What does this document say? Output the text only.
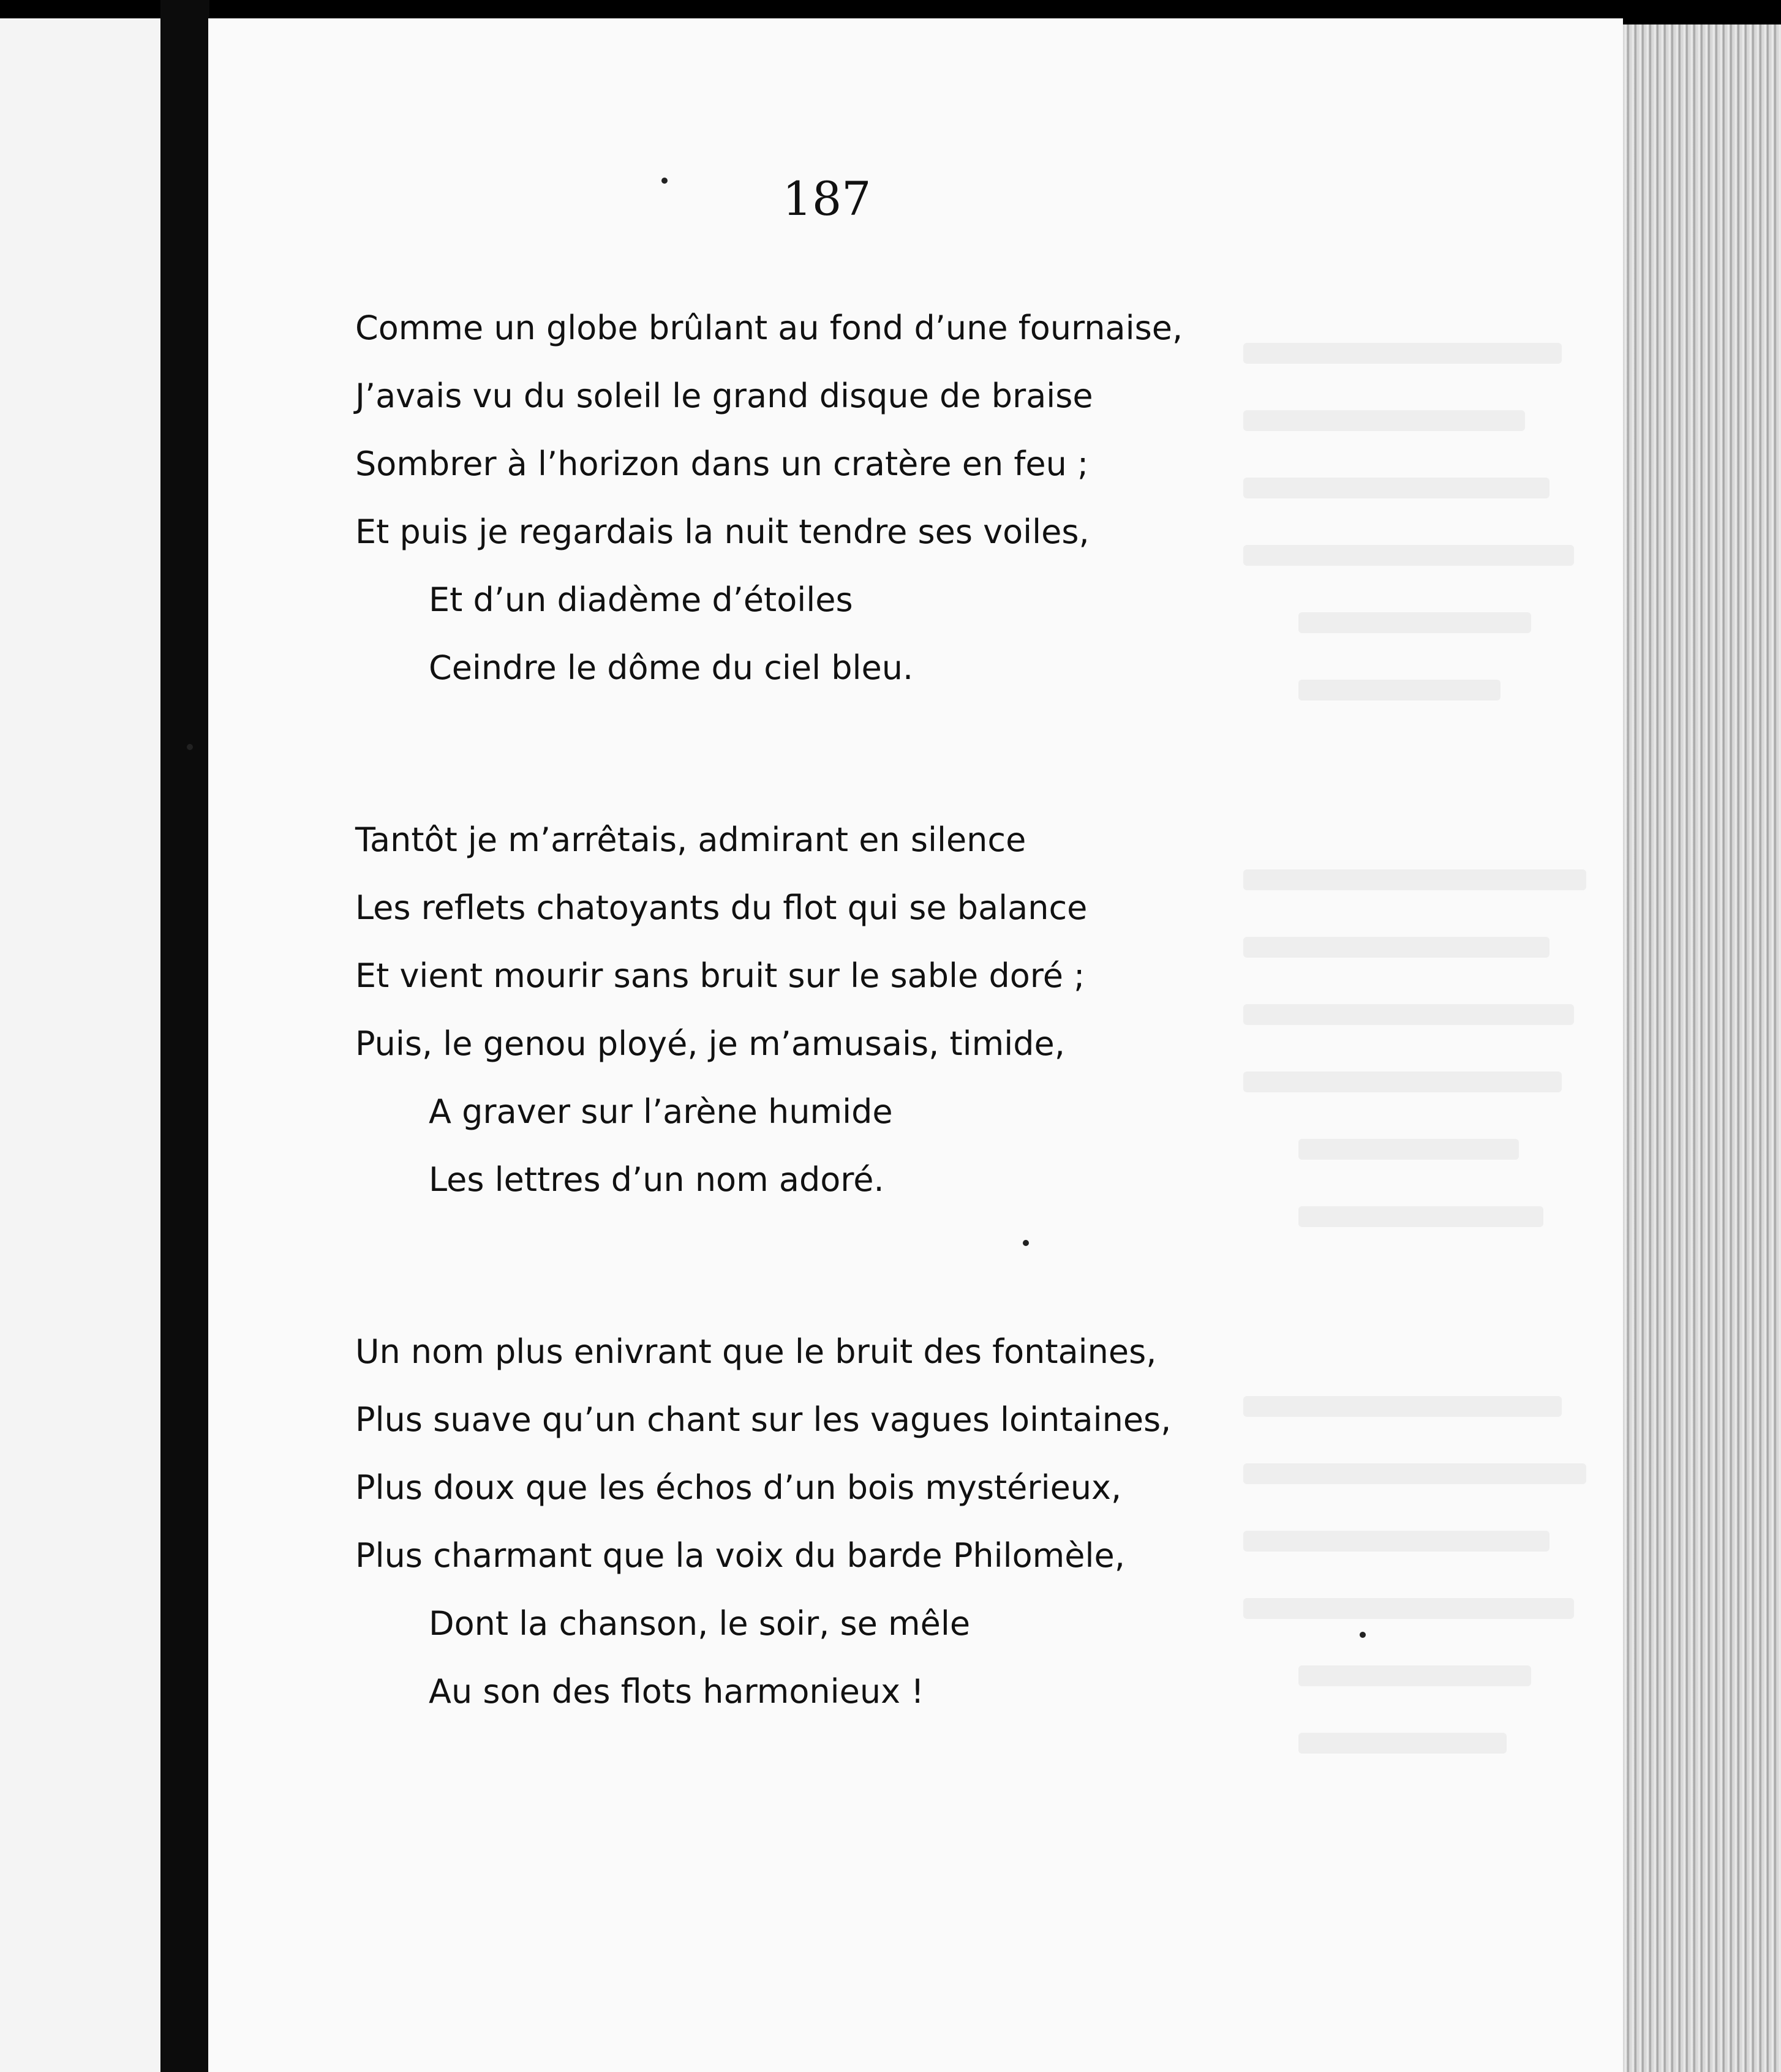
187

Comme un globe brûlant au fond d’une fournaise,
J’avais vu du soleil le grand disque de braise
Sombrer à l’horizon dans un cratère en feu ;
Et puis je regardais la nuit tendre ses voiles,
Et d’un diadème d’étoiles
Ceindre le dôme du ciel bleu.
Tantôt je m’arrêtais, admirant en silence
Les reflets chatoyants du flot qui se balance
Et vient mourir sans bruit sur le sable doré ;
Puis, le genou ployé, je m’amusais, timide,
A graver sur l’arène humide
Les lettres d’un nom adoré.
Un nom plus enivrant que le bruit des fontaines,
Plus suave qu’un chant sur les vagues lointaines,
Plus doux que les échos d’un bois mystérieux,
Plus charmant que la voix du barde Philomèle,
Dont la chanson, le soir, se mêle
Au son des flots harmonieux !
